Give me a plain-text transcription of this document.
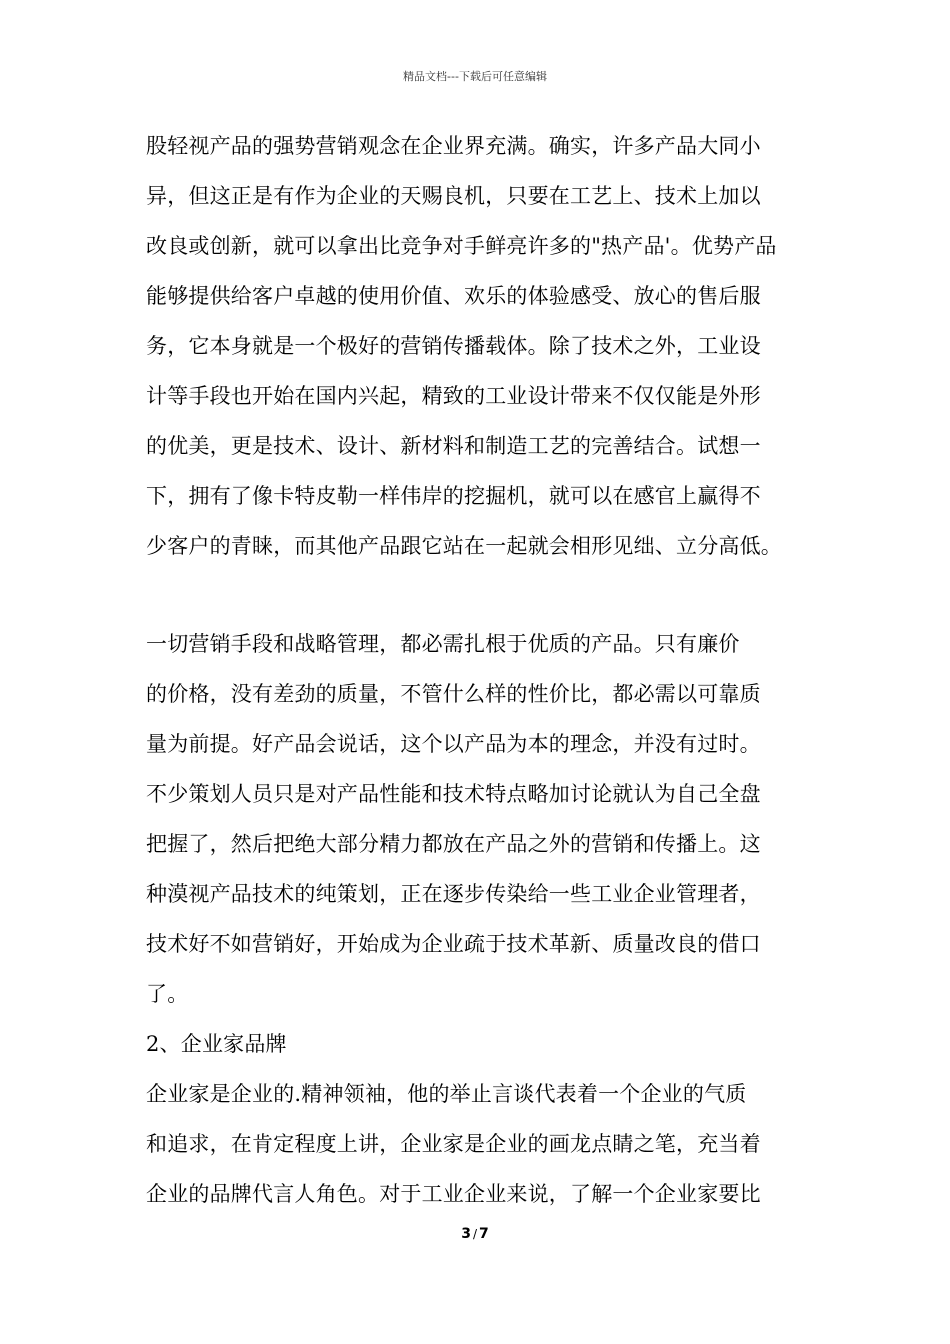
精品文档---下载后可任意编辑
股轻视产品的强势营销观念在企业界充满。确实，许多产品大同小
异，但这正是有作为企业的天赐良机，只要在工艺上、技术上加以
改良或创新，就可以拿出比竞争对手鲜亮许多的"热产品'。优势产品
能够提供给客户卓越的使用价值、欢乐的体验感受、放心的售后服
务，它本身就是一个极好的营销传播载体。除了技术之外，工业设
计等手段也开始在国内兴起，精致的工业设计带来不仅仅能是外形
的优美，更是技术、设计、新材料和制造工艺的完善结合。试想一
下，拥有了像卡特皮勒一样伟岸的挖掘机，就可以在感官上赢得不
少客户的青睐，而其他产品跟它站在一起就会相形见绌、立分高低。
一切营销手段和战略管理，都必需扎根于优质的产品。只有廉价
的价格，没有差劲的质量，不管什么样的性价比，都必需以可靠质
量为前提。好产品会说话，这个以产品为本的理念，并没有过时。
不少策划人员只是对产品性能和技术特点略加讨论就认为自己全盘
把握了，然后把绝大部分精力都放在产品之外的营销和传播上。这
种漠视产品技术的纯策划，正在逐步传染给一些工业企业管理者，
技术好不如营销好，开始成为企业疏于技术革新、质量改良的借口
了。
2、企业家品牌
企业家是企业的.精神领袖，他的举止言谈代表着一个企业的气质
和追求，在肯定程度上讲，企业家是企业的画龙点睛之笔，充当着
企业的品牌代言人角色。对于工业企业来说，了解一个企业家要比
3 / 7
